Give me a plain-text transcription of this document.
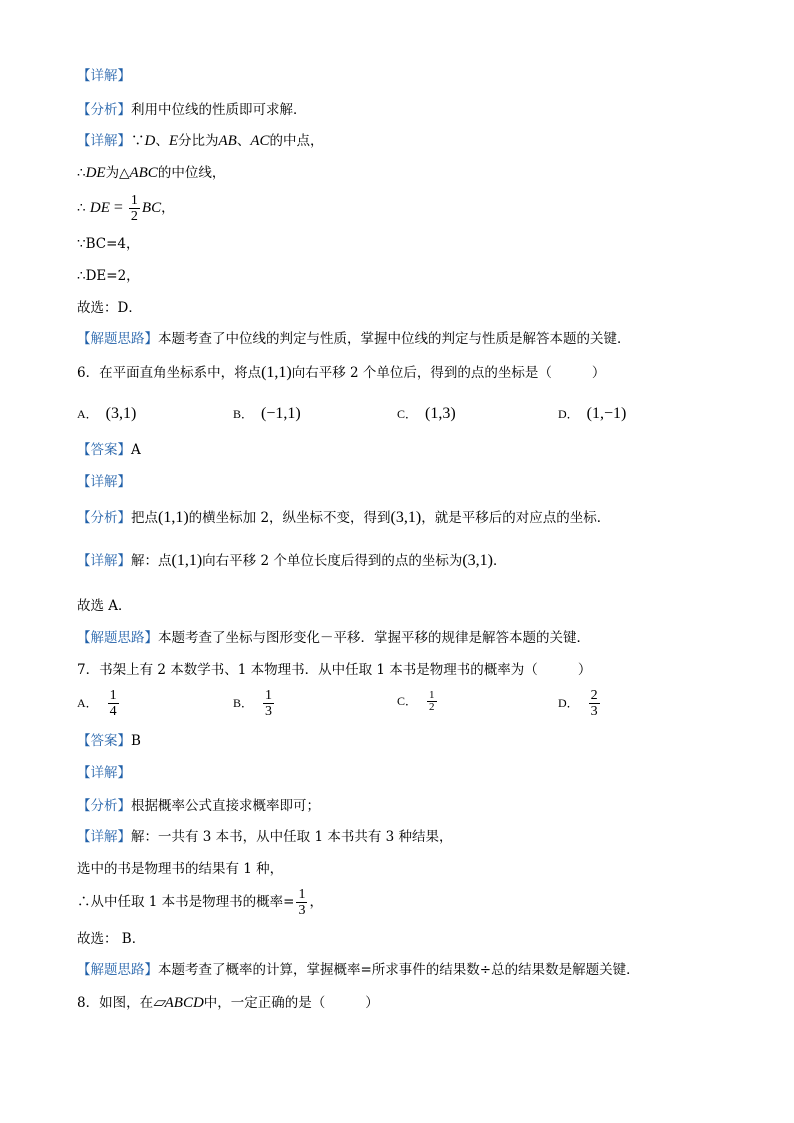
【详解】
【分析】利用中位线的性质即可求解．
【详解】∵D、E分比为AB、AC的中点，
∴DE为△ABC的中位线，
∴ DE = $\frac{1}{2}$ BC，
∵BC=4，
∴DE=2，
故选：D．
【解题思路】本题考查了中位线的判定与性质，掌握中位线的判定与性质是解答本题的关键．
6．在平面直角坐标系中，将点(1,1)向右平移 2 个单位后，得到的点的坐标是（	）
A． (3,1)	B． (−1,1)	C． (1,3)	D． (1,−1)
【答案】A
【详解】
【分析】把点(1,1)的横坐标加 2，纵坐标不变，得到(3,1)，就是平移后的对应点的坐标．
【详解】解：点(1,1)向右平移 2 个单位长度后得到的点的坐标为(3,1)．
故选 A．
【解题思路】本题考查了坐标与图形变化－平移．掌握平移的规律是解答本题的关键．
7．书架上有 2 本数学书、1 本物理书．从中任取 1 本书是物理书的概率为（	）
A． $\frac{1}{4}$	B． $\frac{1}{3}$	C． $\frac{1}{2}$	D． $\frac{2}{3}$
【答案】B
【详解】
【分析】根据概率公式直接求概率即可；
【详解】解：一共有 3 本书，从中任取 1 本书共有 3 种结果，
选中的书是物理书的结果有 1 种，
∴从中任取 1 本书是物理书的概率= $\frac{1}{3}$ ，
故选： B．
【解题思路】本题考查了概率的计算，掌握概率=所求事件的结果数÷总的结果数是解题关键．
8．如图，在▱ABCD中，一定正确的是（	）
